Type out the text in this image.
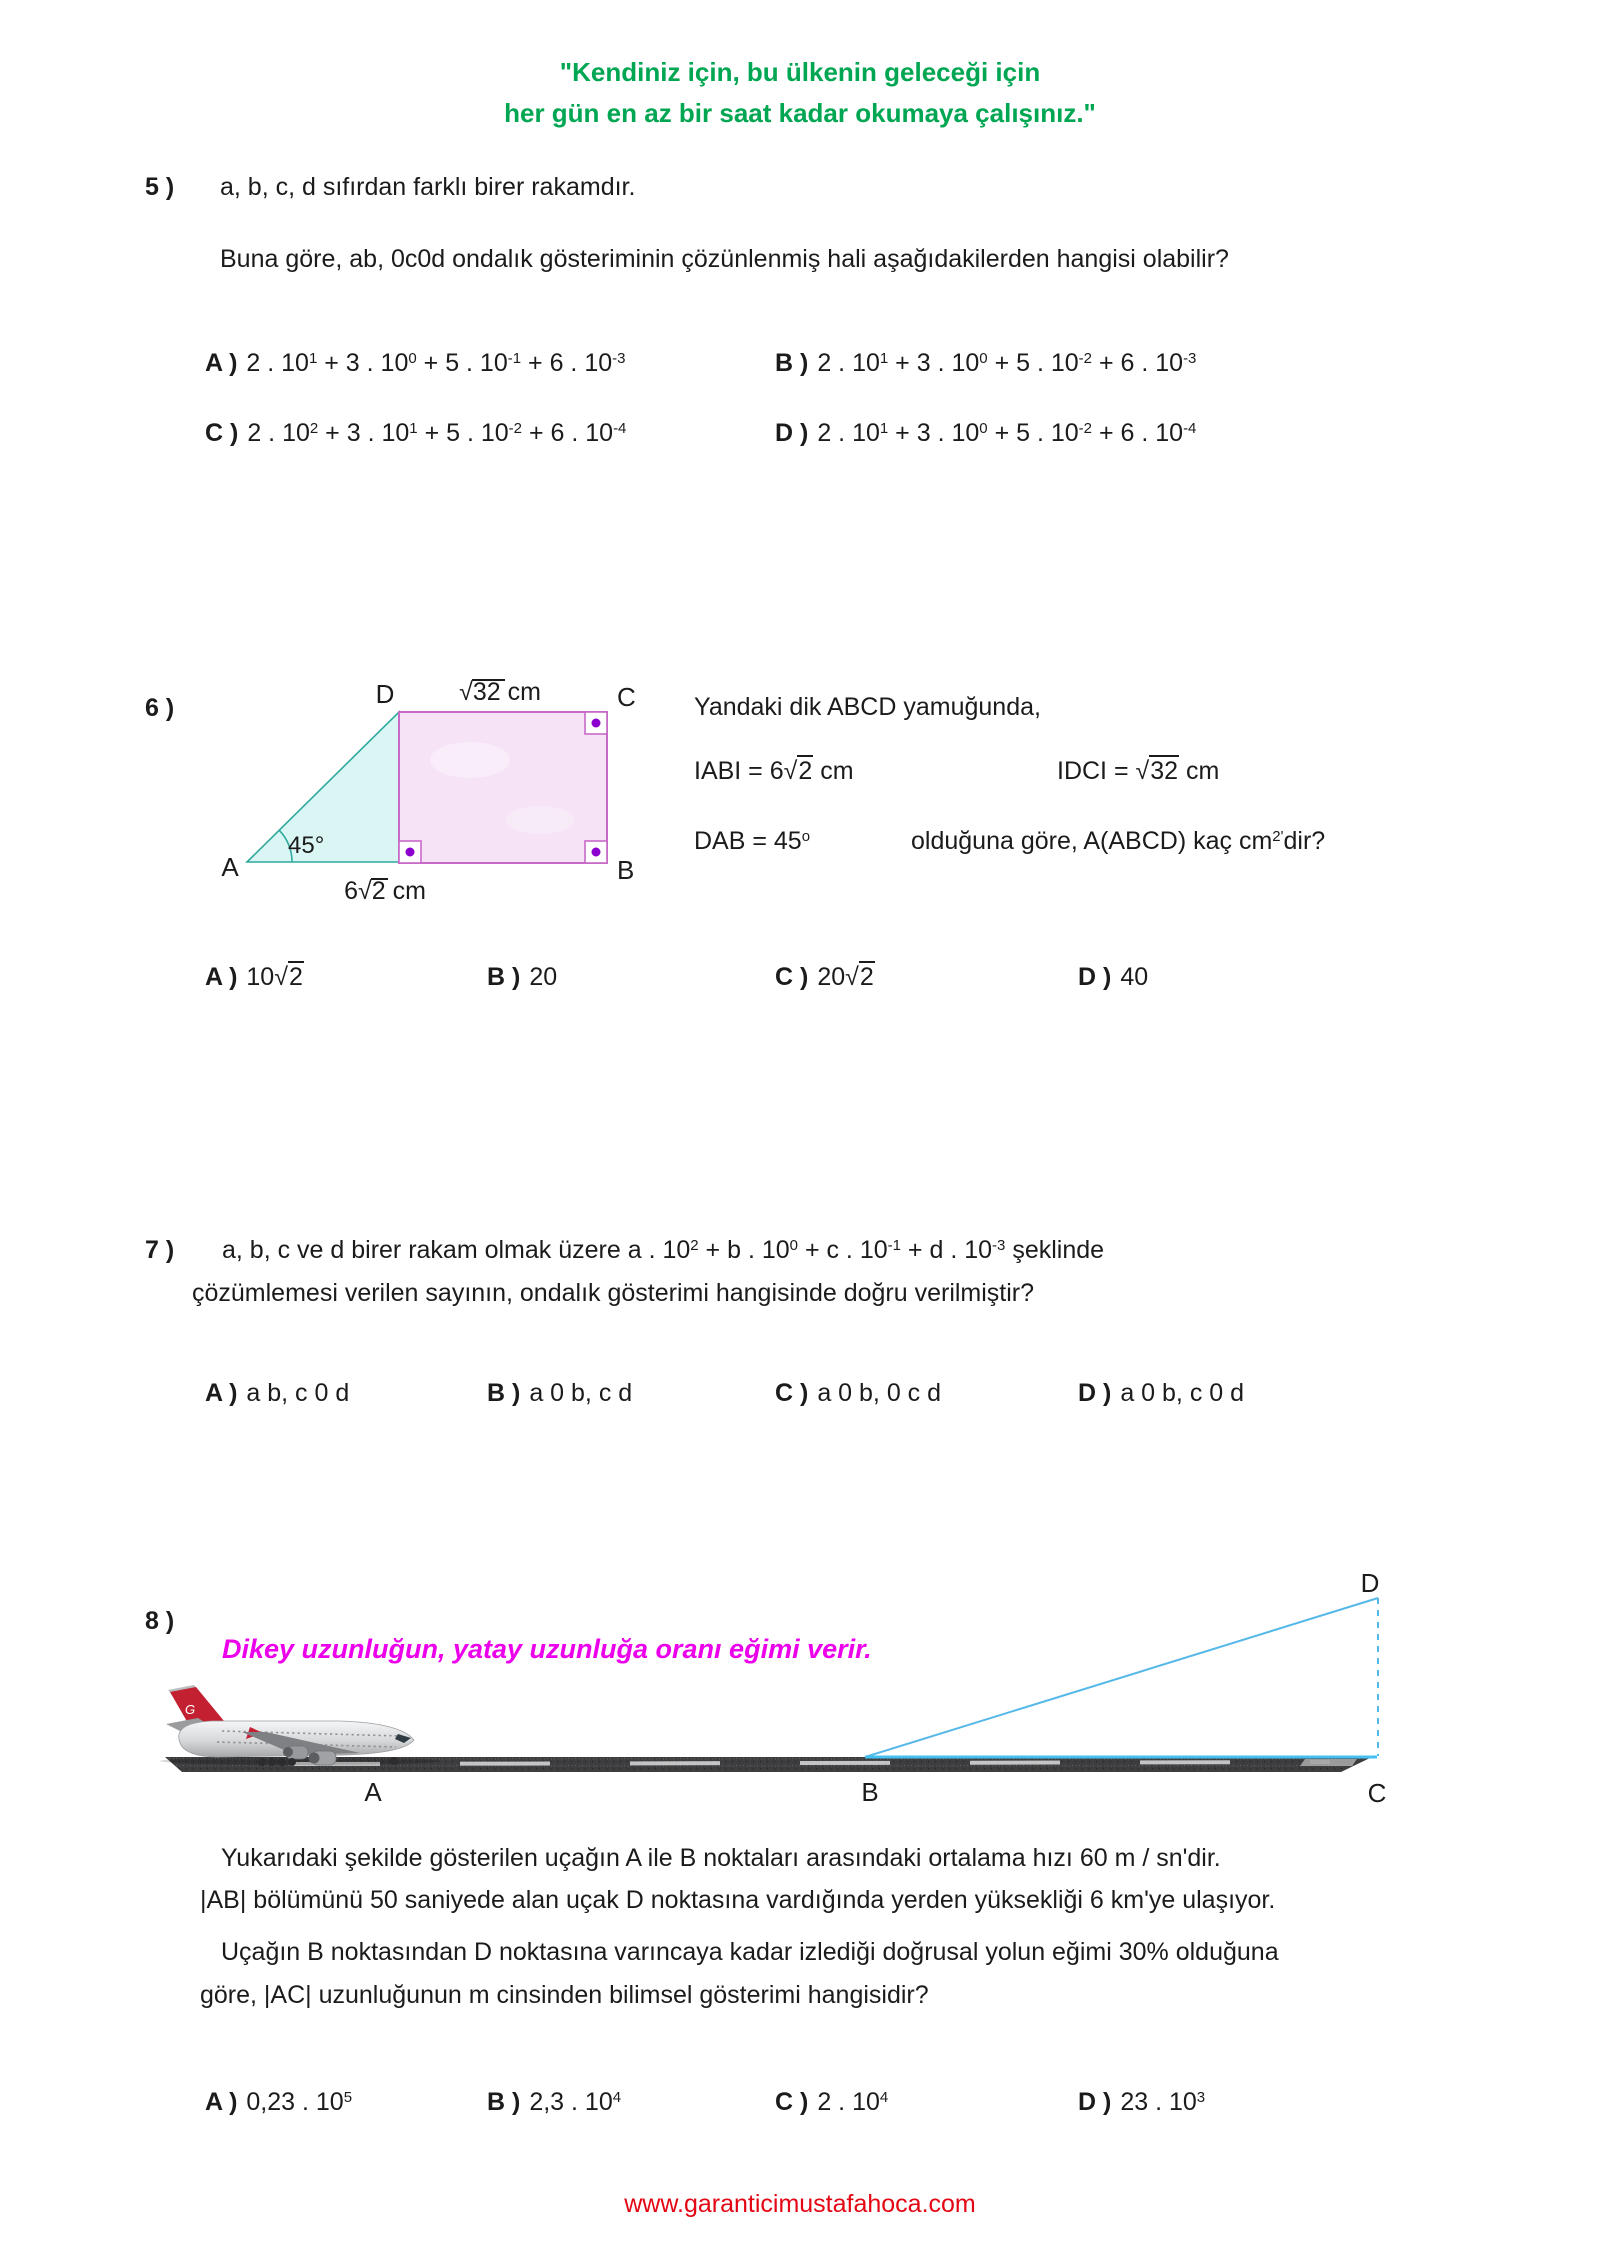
"Kendiniz için, bu ülkenin geleceği için
her gün en az bir saat kadar okumaya çalışınız."
5 ) a, b, c, d sıfırdan farklı birer rakamdır.
Buna göre, ab, 0c0d ondalık gösteriminin çözünlenmiş hali aşağıdakilerden hangisi olabilir?
A ) 2 . $10^1 + 3$ . $10^0 + 5$ . $10^{-1} + 6$ . $10^{-3}$	B ) 2 . $10^1 + 3$ . $10^0 + 5$ . $10^{-2} + 6$ . $10^{-3}$
C ) 2 . $10^2 + 3$ . $10^1 + 5$ . $10^{-2} + 6$ . $10^{-4}$	D ) 2 . $10^1 + 3$ . $10^0 + 5$ . $10^{-2} + 6$ . $10^{-4}$
6 )	D	C
A	B
45°
√32 cm
6√2 cm
Yandaki dik ABCD yamuğunda,
IABI = 6√2 cm	IDCI = √32 cm
DAB = $45^o$	olduğuna göre, A(ABCD) kaç $cm^{2'}dir$?
A ) 10√2	B ) 20	C ) 20√2	D ) 40
7 ) a, b, c ve d birer rakam olmak üzere a . $10^2 + b$ . $10^0 + c$ . $10^{-1} + d$ . $10^{-3}$ şeklinde
çözümlemesi verilen sayının, ondalık gösterimi hangisinde doğru verilmiştir?
A ) a b, c 0 d	B ) a 0 b, c d	C ) a 0 b, 0 c d	D ) a 0 b, c 0 d
8 )
Dikey uzunluğun, yatay uzunluğa oranı eğimi verir.
G
A	B	C
D
Yukarıdaki şekilde gösterilen uçağın A ile B noktaları arasındaki ortalama hızı 60 m / sn'dir.
|AB| bölümünü 50 saniyede alan uçak D noktasına vardığında yerden yüksekliği 6 km'ye ulaşıyor.
Uçağın B noktasından D noktasına varıncaya kadar izlediği doğrusal yolun eğimi 30% olduğuna
göre, |AC| uzunluğunun m cinsinden bilimsel gösterimi hangisidir?
A ) 0,23 . $10^5$	B ) 2,3 . $10^4$	C ) 2 . $10^4$	D ) 23 . $10^3$
www.garanticimustafahoca.com
